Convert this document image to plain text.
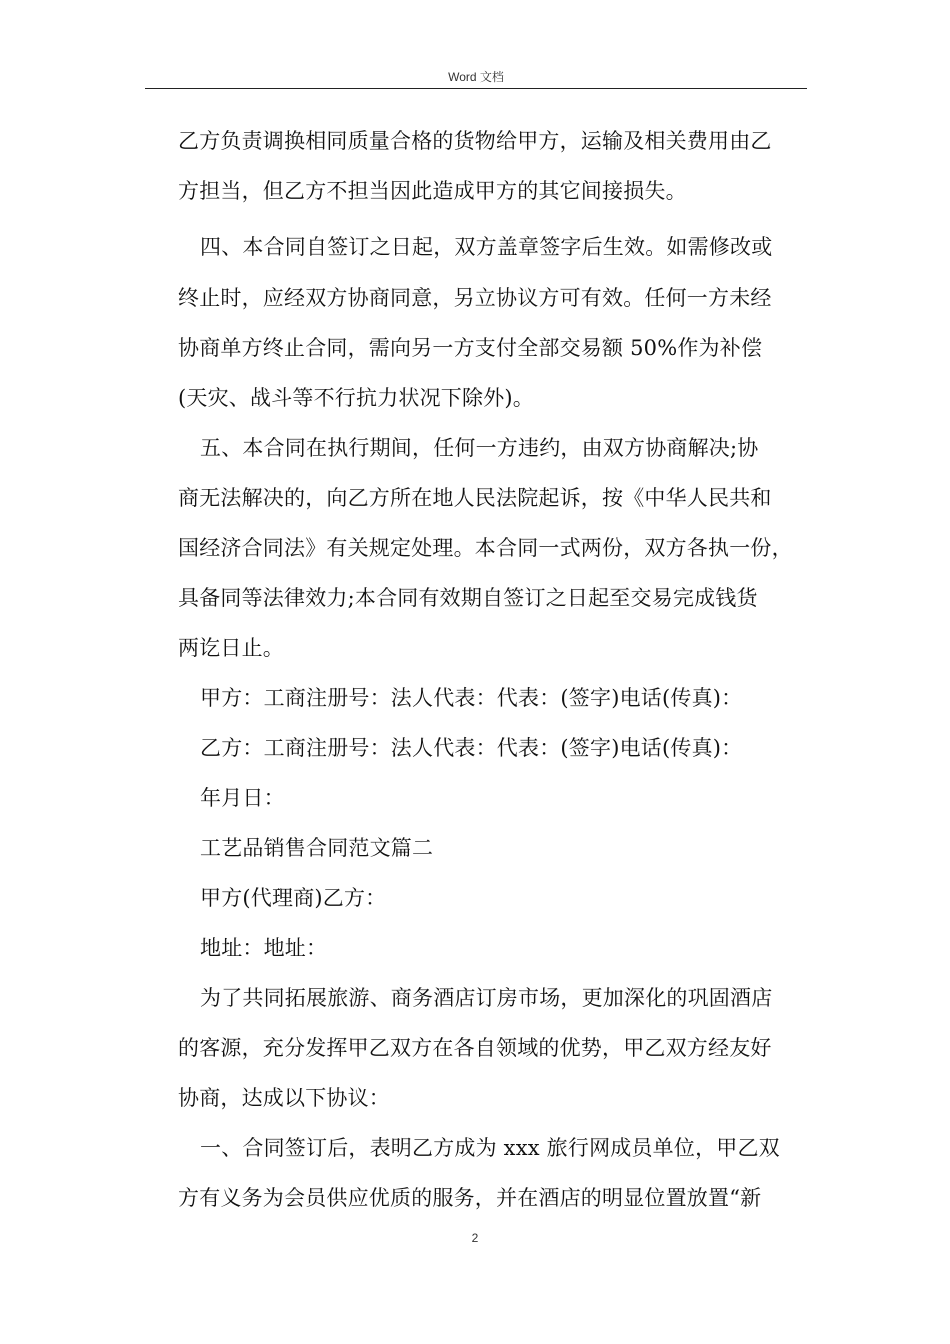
Word 文档
乙方负责调换相同质量合格的货物给甲方，运输及相关费用由乙
方担当，但乙方不担当因此造成甲方的其它间接损失。
四、本合同自签订之日起，双方盖章签字后生效。如需修改或
终止时，应经双方协商同意，另立协议方可有效。任何一方未经
协商单方终止合同，需向另一方支付全部交易额 50%作为补偿
(天灾、战斗等不行抗力状况下除外)。
五、本合同在执行期间，任何一方违约，由双方协商解决;协
商无法解决的，向乙方所在地人民法院起诉，按《中华人民共和
国经济合同法》有关规定处理。本合同一式两份，双方各执一份，
具备同等法律效力;本合同有效期自签订之日起至交易完成钱货
两讫日止。
甲方：工商注册号：法人代表：代表：(签字)电话(传真)：
乙方：工商注册号：法人代表：代表：(签字)电话(传真)：
年月日：
工艺品销售合同范文篇二
甲方(代理商)乙方：
地址：地址：
为了共同拓展旅游、商务酒店订房市场，更加深化的巩固酒店
的客源，充分发挥甲乙双方在各自领域的优势，甲乙双方经友好
协商，达成以下协议：
一、合同签订后，表明乙方成为 xxx 旅行网成员单位，甲乙双
方有义务为会员供应优质的服务，并在酒店的明显位置放置“新
2
